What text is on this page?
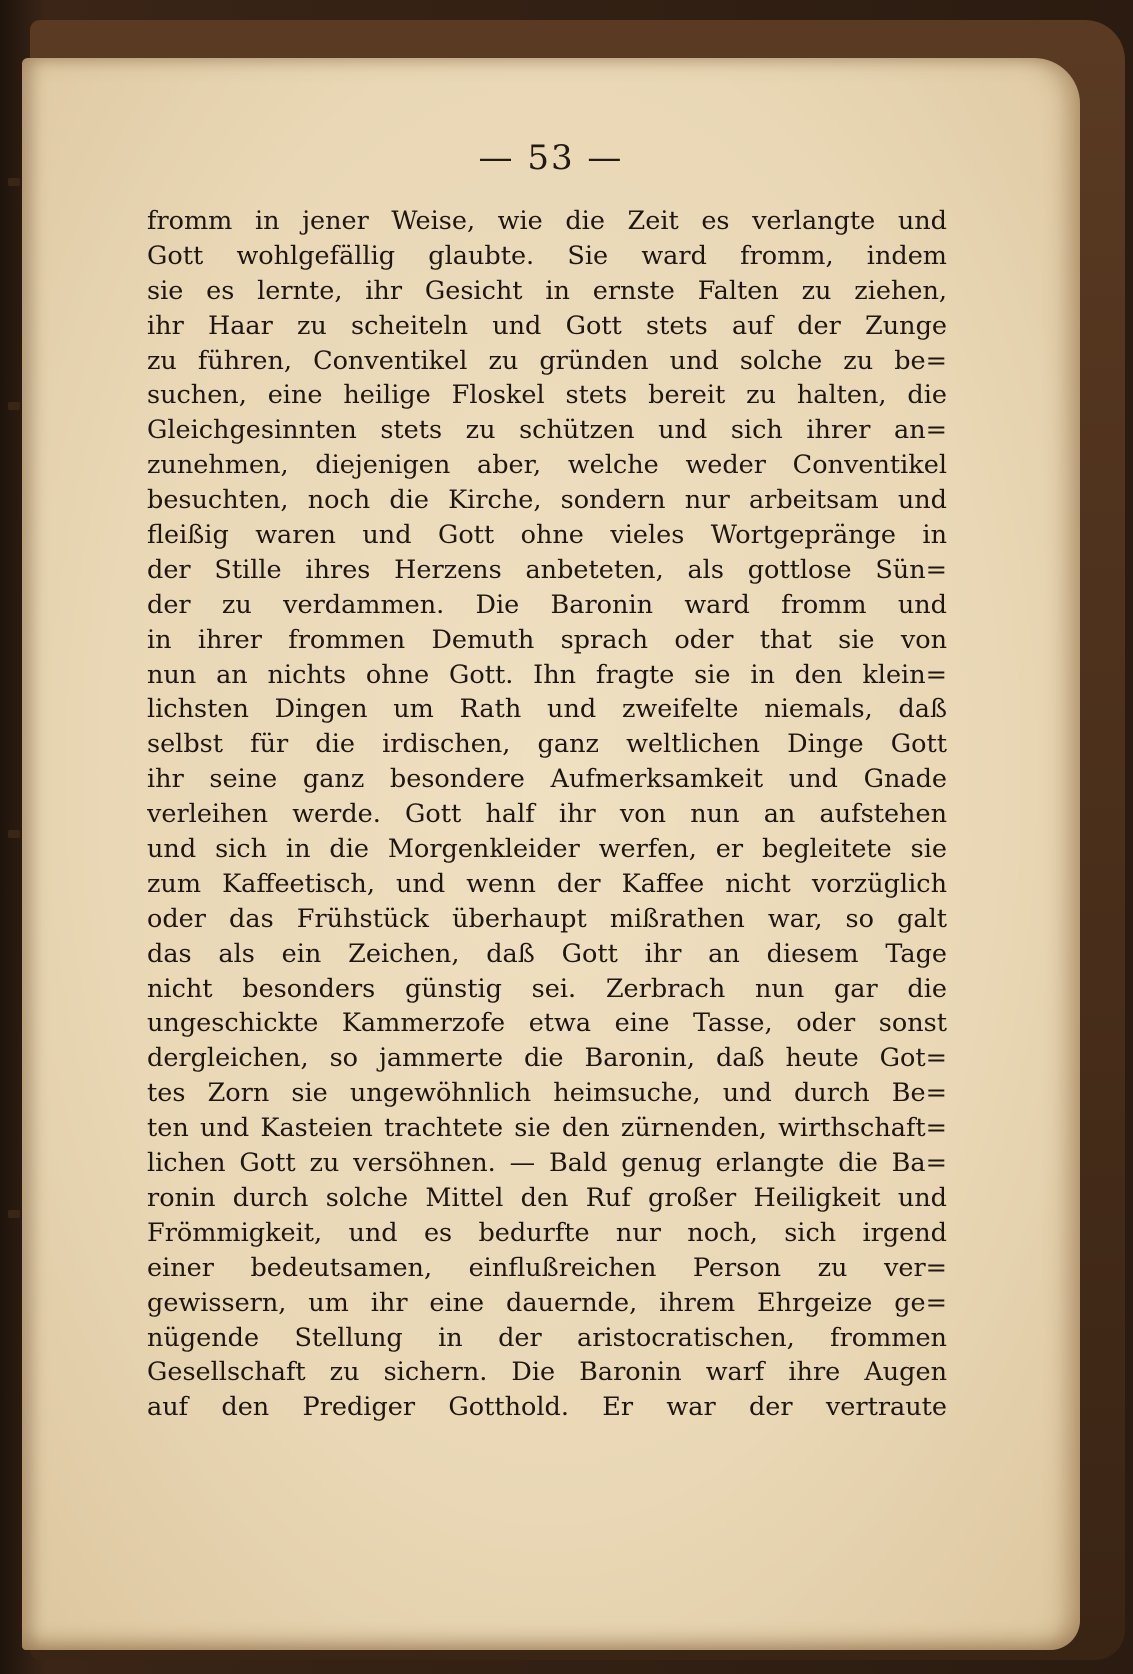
— 53 —
fromm in jener Weise, wie die Zeit es verlangte und
Gott wohlgefällig glaubte. Sie ward fromm, indem
sie es lernte, ihr Gesicht in ernste Falten zu ziehen,
ihr Haar zu scheiteln und Gott stets auf der Zunge
zu führen, Conventikel zu gründen und solche zu be=
suchen, eine heilige Floskel stets bereit zu halten, die
Gleichgesinnten stets zu schützen und sich ihrer an=
zunehmen, diejenigen aber, welche weder Conventikel
besuchten, noch die Kirche, sondern nur arbeitsam und
fleißig waren und Gott ohne vieles Wortgepränge in
der Stille ihres Herzens anbeteten, als gottlose Sün=
der zu verdammen. Die Baronin ward fromm und
in ihrer frommen Demuth sprach oder that sie von
nun an nichts ohne Gott. Ihn fragte sie in den klein=
lichsten Dingen um Rath und zweifelte niemals, daß
selbst für die irdischen, ganz weltlichen Dinge Gott
ihr seine ganz besondere Aufmerksamkeit und Gnade
verleihen werde. Gott half ihr von nun an aufstehen
und sich in die Morgenkleider werfen, er begleitete sie
zum Kaffeetisch, und wenn der Kaffee nicht vorzüglich
oder das Frühstück überhaupt mißrathen war, so galt
das als ein Zeichen, daß Gott ihr an diesem Tage
nicht besonders günstig sei. Zerbrach nun gar die
ungeschickte Kammerzofe etwa eine Tasse, oder sonst
dergleichen, so jammerte die Baronin, daß heute Got=
tes Zorn sie ungewöhnlich heimsuche, und durch Be=
ten und Kasteien trachtete sie den zürnenden, wirthschaft=
lichen Gott zu versöhnen. — Bald genug erlangte die Ba=
ronin durch solche Mittel den Ruf großer Heiligkeit und
Frömmigkeit, und es bedurfte nur noch, sich irgend
einer bedeutsamen, einflußreichen Person zu ver=
gewissern, um ihr eine dauernde, ihrem Ehrgeize ge=
nügende Stellung in der aristocratischen, frommen
Gesellschaft zu sichern. Die Baronin warf ihre Augen
auf den Prediger Gotthold. Er war der vertraute
